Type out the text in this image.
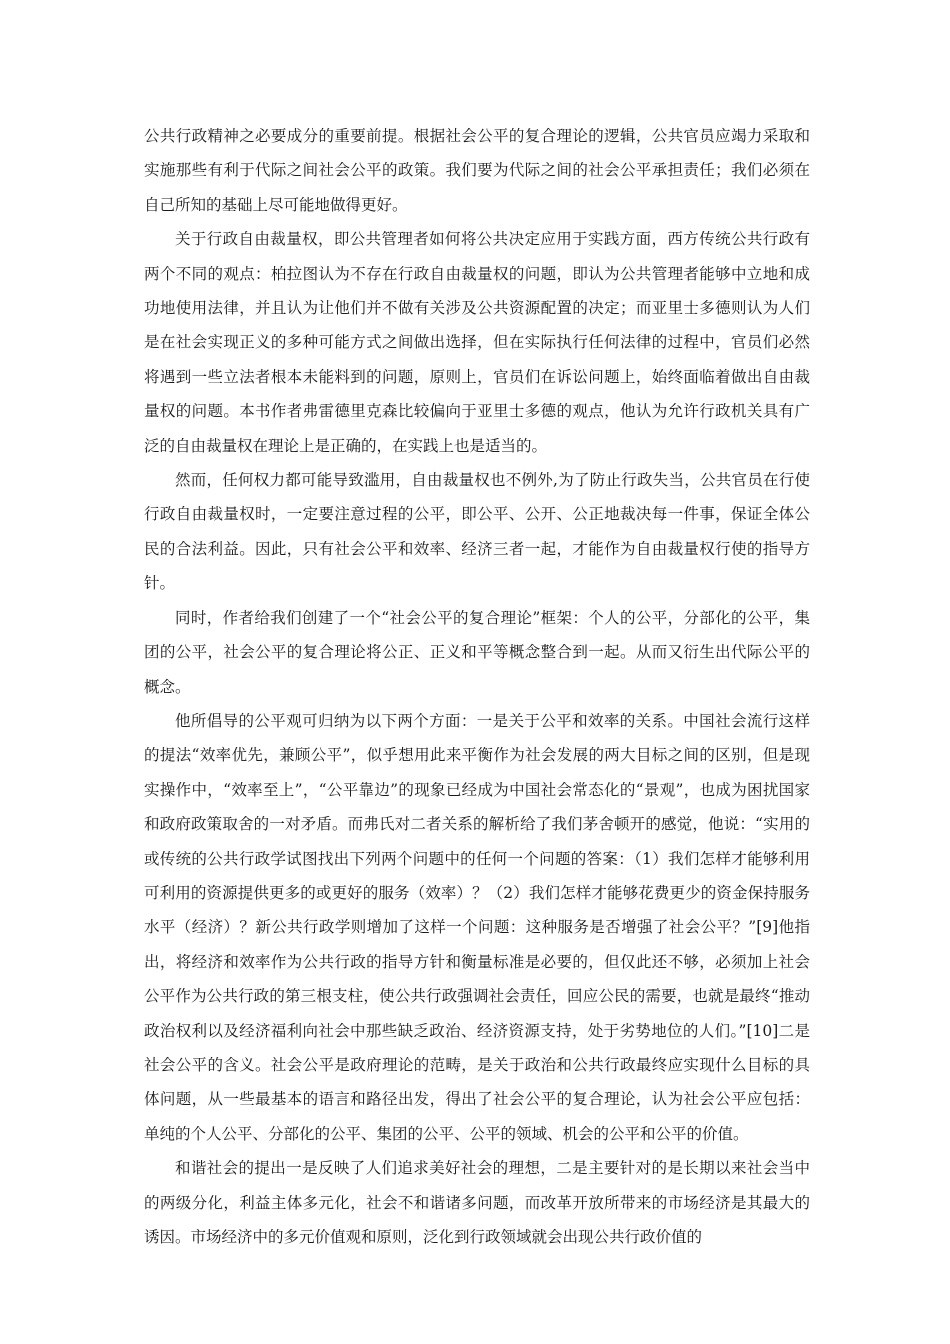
公共行政精神之必要成分的重要前提。根据社会公平的复合理论的逻辑，公共官员应竭力采取和实施那些有利于代际之间社会公平的政策。我们要为代际之间的社会公平承担责任；我们必须在自己所知的基础上尽可能地做得更好。

关于行政自由裁量权，即公共管理者如何将公共决定应用于实践方面，西方传统公共行政有两个不同的观点：柏拉图认为不存在行政自由裁量权的问题，即认为公共管理者能够中立地和成功地使用法律，并且认为让他们并不做有关涉及公共资源配置的决定；而亚里士多德则认为人们是在社会实现正义的多种可能方式之间做出选择，但在实际执行任何法律的过程中，官员们必然将遇到一些立法者根本未能料到的问题，原则上，官员们在诉讼问题上，始终面临着做出自由裁量权的问题。本书作者弗雷德里克森比较偏向于亚里士多德的观点，他认为允许行政机关具有广泛的自由裁量权在理论上是正确的，在实践上也是适当的。

然而，任何权力都可能导致滥用，自由裁量权也不例外,为了防止行政失当，公共官员在行使行政自由裁量权时，一定要注意过程的公平，即公平、公开、公正地裁决每一件事，保证全体公民的合法利益。因此，只有社会公平和效率、经济三者一起，才能作为自由裁量权行使的指导方针。

同时，作者给我们创建了一个“社会公平的复合理论”框架：个人的公平，分部化的公平，集团的公平，社会公平的复合理论将公正、正义和平等概念整合到一起。从而又衍生出代际公平的概念。

他所倡导的公平观可归纳为以下两个方面：一是关于公平和效率的关系。中国社会流行这样的提法“效率优先，兼顾公平”，似乎想用此来平衡作为社会发展的两大目标之间的区别，但是现实操作中，“效率至上”，“公平靠边”的现象已经成为中国社会常态化的“景观”，也成为困扰国家和政府政策取舍的一对矛盾。而弗氏对二者关系的解析给了我们茅舍顿开的感觉，他说：“实用的或传统的公共行政学试图找出下列两个问题中的任何一个问题的答案：（1）我们怎样才能够利用可利用的资源提供更多的或更好的服务（效率）？（2）我们怎样才能够花费更少的资金保持服务水平（经济）？新公共行政学则增加了这样一个问题：这种服务是否增强了社会公平？”[9]他指出，将经济和效率作为公共行政的指导方针和衡量标准是必要的，但仅此还不够，必须加上社会公平作为公共行政的第三根支柱，使公共行政强调社会责任，回应公民的需要，也就是最终“推动政治权利以及经济福利向社会中那些缺乏政治、经济资源支持，处于劣势地位的人们。”[10]二是社会公平的含义。社会公平是政府理论的范畴，是关于政治和公共行政最终应实现什么目标的具体问题，从一些最基本的语言和路径出发，得出了社会公平的复合理论，认为社会公平应包括：单纯的个人公平、分部化的公平、集团的公平、公平的领域、机会的公平和公平的价值。

和谐社会的提出一是反映了人们追求美好社会的理想，二是主要针对的是长期以来社会当中的两级分化，利益主体多元化，社会不和谐诸多问题，而改革开放所带来的市场经济是其最大的诱因。市场经济中的多元价值观和原则，泛化到行政领域就会出现公共行政价值的
